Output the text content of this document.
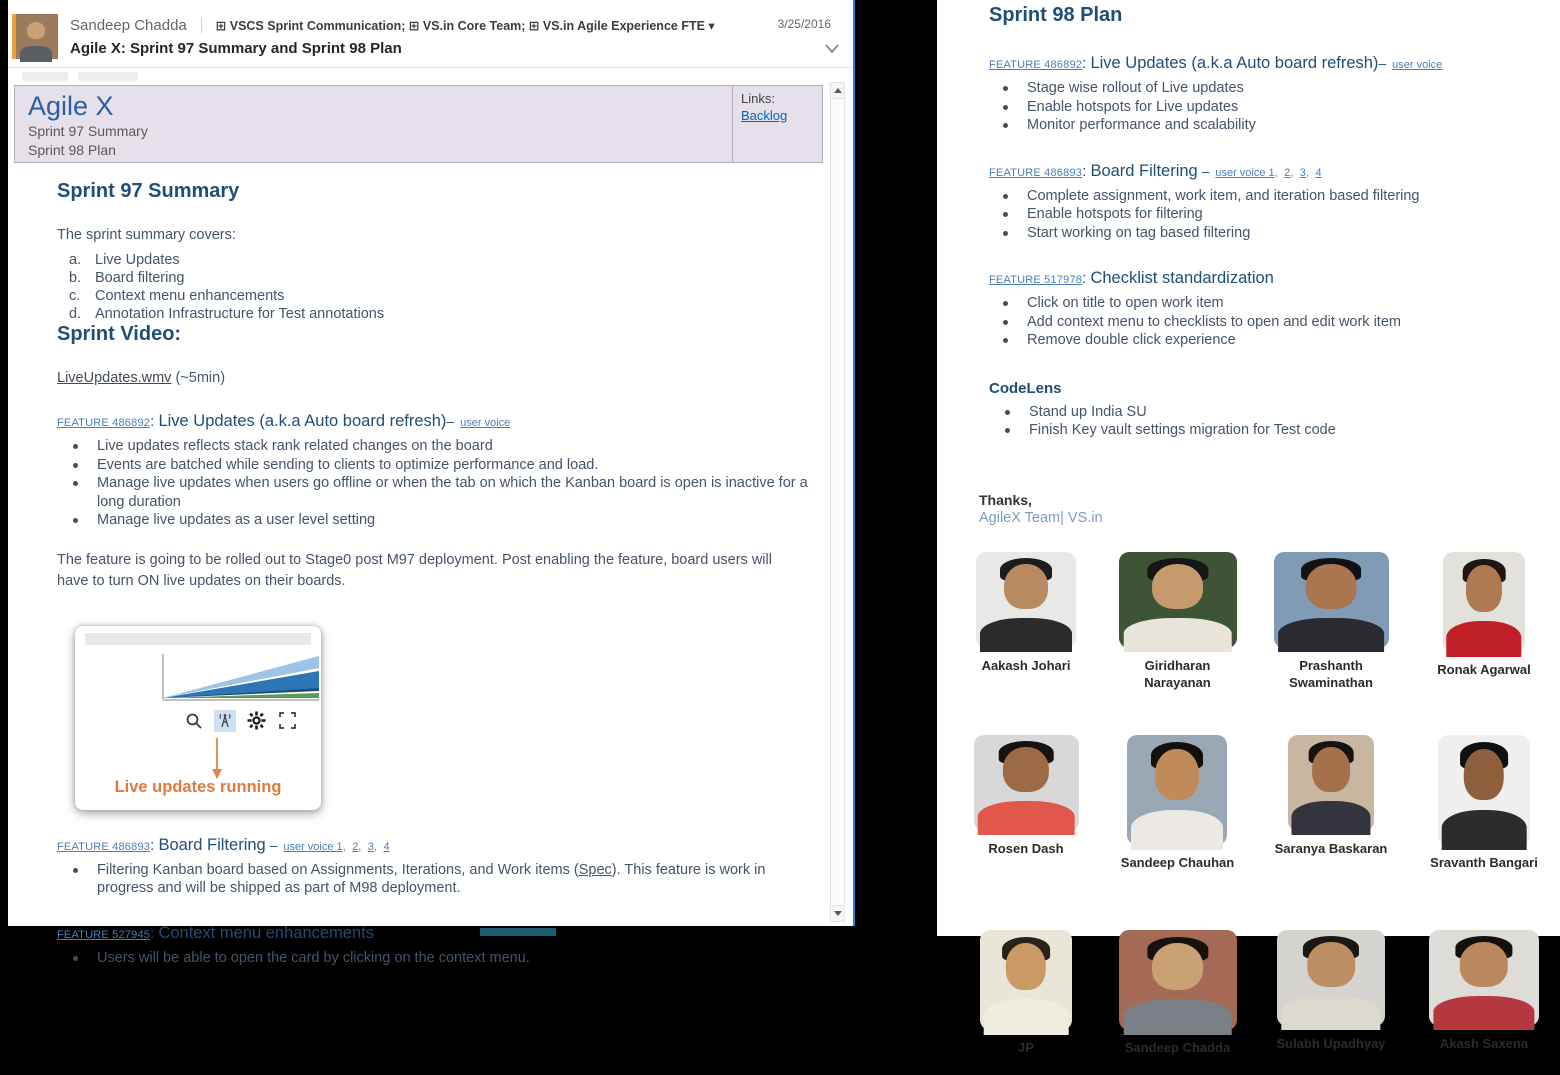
Sandeep Chadda ⊞ VSCS Sprint Communication; ⊞ VS.in Core Team; ⊞ VS.in Agile Experience FTE ▾	3/25/2016
Agile X: Sprint 97 Summary and Sprint 98 Plan
Agile X
Sprint 97 Summary
Sprint 98 Plan
Links:
Backlog
Sprint 97 Summary

The sprint summary covers:

a. Live Updates
b. Board filtering
c. Context menu enhancements
d. Annotation Infrastructure for Test annotations
Sprint Video:

LiveUpdates.wmv (~5min)

FEATURE 486892: Live Updates (a.k.a Auto board refresh)– user voice

Live updates reflects stack rank related changes on the board
Events are batched while sending to clients to optimize performance and load.
Manage live updates when users go offline or when the tab on which the Kanban board is open is inactive for a long duration
Manage live updates as a user level setting

The feature is going to be rolled out to Stage0 post M97 deployment. Post enabling the feature, board users will have to turn ON live updates on their boards.

Live updates running

FEATURE 486893: Board Filtering – user voice 1, 2, 3, 4

Filtering Kanban board based on Assignments, Iterations, and Work items (Spec). This feature is work in progress and will be shipped as part of M98 deployment.

FEATURE 527945: Context menu enhancements

Users will be able to open the card by clicking on the context menu.
Sprint 98 Plan

FEATURE 486892: Live Updates (a.k.a Auto board refresh)– user voice

Stage wise rollout of Live updates
Enable hotspots for Live updates
Monitor performance and scalability

FEATURE 486893: Board Filtering – user voice 1, 2, 3, 4

Complete assignment, work item, and iteration based filtering
Enable hotspots for filtering
Start working on tag based filtering

FEATURE 517978: Checklist standardization

Click on title to open work item
Add context menu to checklists to open and edit work item
Remove double click experience
CodeLens
Stand up India SU
Finish Key vault settings migration for Test code
Thanks,
AgileX Team| VS.in
Aakash Johari	Giridharan Narayanan
Prashanth Swaminathan
Ronak Agarwal
Rosen Dash
Sandeep Chauhan
Saranya Baskaran
Sravanth Bangari
JP	Sandeep Chadda	Sulabh Upadhyay	Akash Saxena
